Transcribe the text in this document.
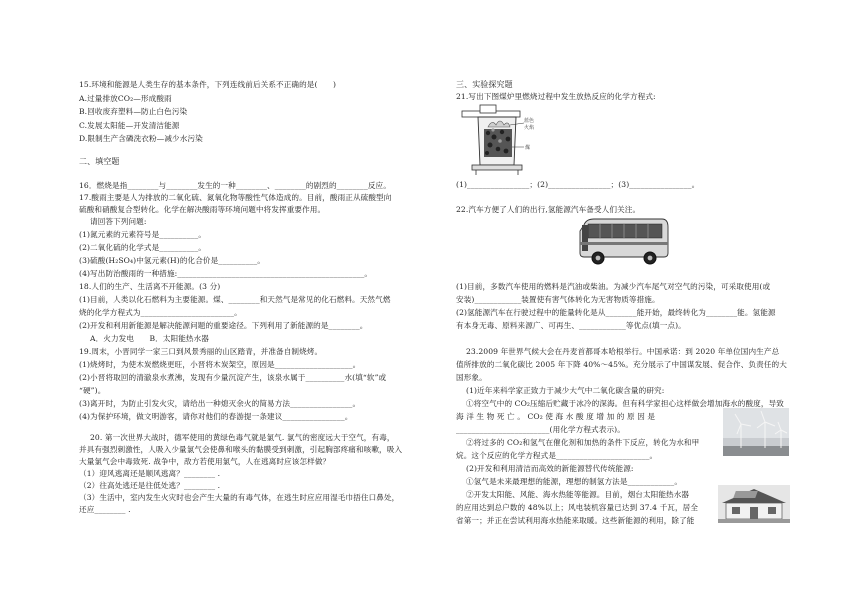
15.环境和能源是人类生存的基本条件，下列连线前后关系不正确的是(　　)
A.过量排放CO₂—形成酸雨
B.回收废弃塑料—防止白色污染
C.发展太阳能—开发清洁能源
D.限制生产含磷洗衣粉—减少水污染
二、填空题
16．燃烧是指________与________发生的一种________、________的剧烈的________反应。
17.酸雨主要是人为排放的二氧化硫、氮氧化物等酸性气体造成的。目前，酸雨正从硫酸型向
硫酸和硝酸复合型转化。化学在解决酸雨等环境问题中将发挥重要作用。
请回答下列问题:
(1)氮元素的元素符号是__________。
(2)二氧化硫的化学式是__________。
(3)硫酸(H₂SO₄)中氢元素(H)的化合价是__________。
(4)写出防治酸雨的一种措施:________________________________________________。
18.人们的生产、生活离不开能源。(3 分)
(1)目前，人类以化石燃料为主要能源。煤、________和天然气是常见的化石燃料。天然气燃
烧的化学方程式为________________________。
(2)开发和利用新能源是解决能源问题的重要途径。下列利用了新能源的是________。
A．火力发电　　B．太阳能热水器
19.周末，小晋同学一家三口到风景秀丽的山区踏青，并准备自制烧烤。
(1)烧烤时，为使木炭燃烧更旺，小晋将木炭架空，原因是____________________。
(2)小晋将取回的清澈泉水煮沸，发现有少量沉淀产生，该泉水属于__________水(填“软”或
“硬”)。
(3)离开时，为防止引发火灾，请给出一种熄灭余火的简易方法________________。
(4)为保护环境，做文明游客，请你对他们的春游提一条建议________________。
20. 第一次世界大战时，德军使用的黄绿色毒气就是氯气. 氯气的密度远大于空气，有毒，
并具有强烈刺激性，人吸入少量氯气会使鼻和喉头的黏膜受到刺激，引起胸部疼痛和咳嗽，吸入
大量氯气会中毒致死. 战争中，敌方若使用氯气，人在逃离时应该怎样做？
（1）迎风逃离还是顺风逃离？________ .
（2）往高处逃还是往低处逃？________ .
（3）生活中，室内发生火灾时也会产生大量的有毒气体，在逃生时应应用湿毛巾捂住口鼻处，
还应________ .
三、实验探究题
21.写出下图煤炉里燃烧过程中发生放热反应的化学方程式:
蓝色
火焰
煤
(1)________________；(2)________________；(3)________________。
22.汽车方便了人们的出行,氢能源汽车备受人们关注。
(1)目前，多数汽车使用的燃料是汽油或柴油。为减少汽车尾气对空气的污染，可采取使用(或
安装)____________装置使有害气体转化为无害物质等措施。
(2)氢能源汽车在行驶过程中的能量转化是从________能开始，最终转化为________能。氢能源
有本身无毒、原料来源广、可再生、____________等优点(填一点)。
23.2009 年世界气候大会在丹麦首都哥本哈根举行。中国承诺：到 2020 年单位国内生产总
值所排放的二氧化碳比 2005 年下降 40%～45%。充分展示了中国谋发展、促合作、负责任的大
国形象。
(1)近年来科学家正致力于减少大气中二氧化碳含量的研究:
①将空气中的 CO₂压缩后贮藏于冰冷的深海。但有科学家担心这样做会增加海水的酸度，导致
海 洋 生 物 死 亡 。 CO₂ 使 海 水 酸 度 增 加 的 原 因 是
________________________(用化学方程式表示)。
②将过多的 CO₂和氢气在催化剂和加热的条件下反应，转化为水和甲
烷。这个反应的化学方程式是________________________。
(2)开发和利用清洁而高效的新能源替代传统能源:
①氢气是未来最理想的能源，理想的制氢方法是____________。
②开发太阳能、风能、海水热能等能源。目前，烟台太阳能热水器
的应用达到总户数的 48%以上；风电装机容量已达到 37.4 千瓦，居全
省第一；并正在尝试利用海水热能来取暖。这些新能源的利用，除了能
